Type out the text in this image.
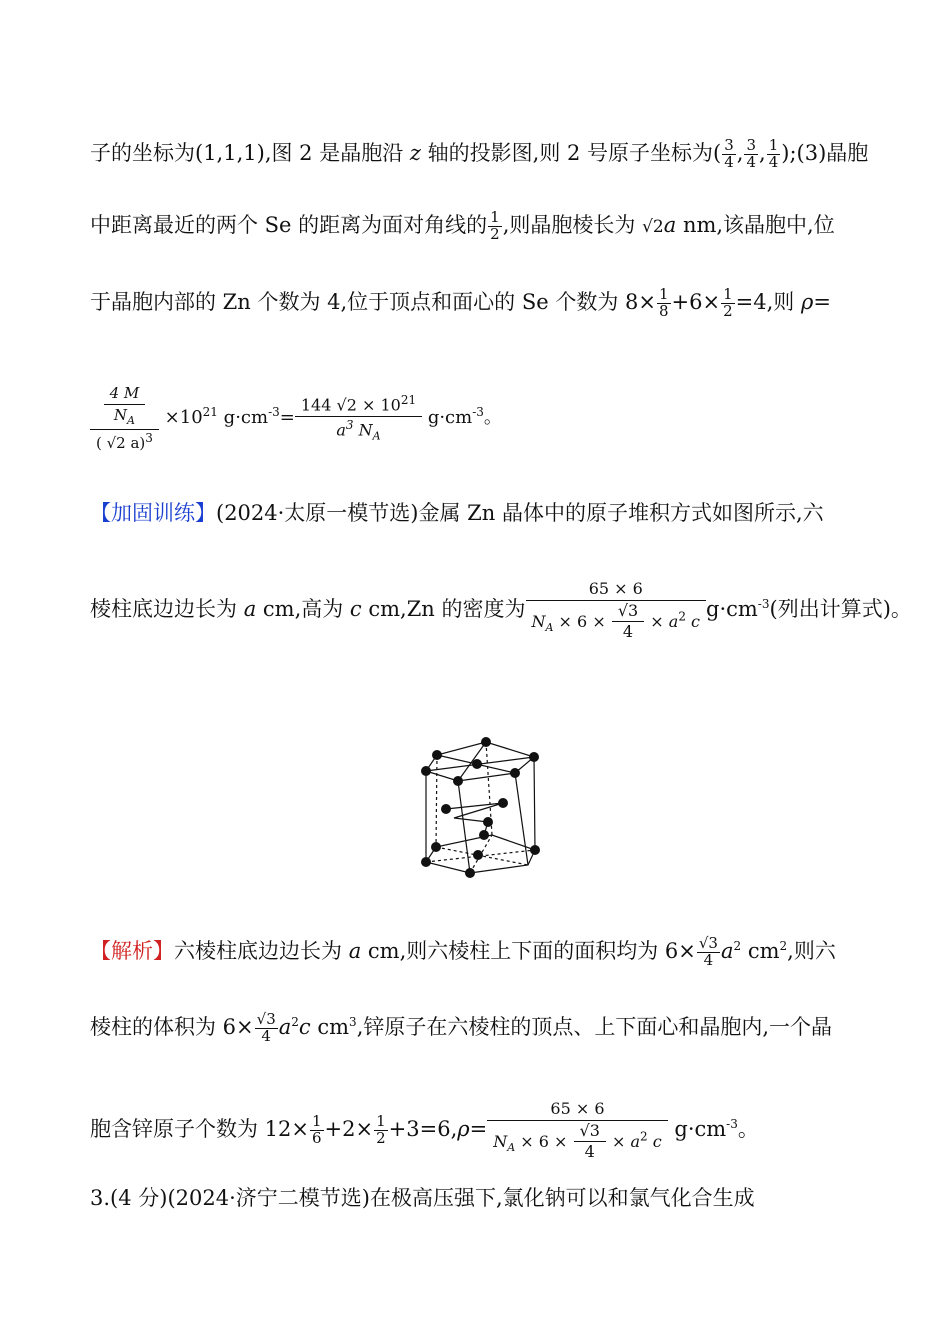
子的坐标为(1,1,1),图 2 是晶胞沿 z 轴的投影图,则 2 号原子坐标为( $\frac{3}{4}$ , $\frac{3}{4}$ , $\frac{1}{4}$ );(3)晶胞
中距离最近的两个 Se 的距离为面对角线的 $\frac{1}{2}$ ,则晶胞棱长为 √2a nm,该晶胞中,位
于晶胞内部的 Zn 个数为 4,位于顶点和面心的 Se 个数为 $8\times \frac{1}{8} +6\times \frac{1}{2} =4$,则 ρ=
$\frac{\frac{4 M}{N_A}}{( √2 a)^3} \times 10^{21}$ $g\cdot cm^{-3}= \frac{144 √2 \times 10^{21}}{a^3 N_A} g\cdot cm^{-3}$。
【加固训练】(2024·太原一模节选)金属 Zn 晶体中的原子堆积方式如图所示,六
棱柱底边边长为 a cm,高为 c cm,Zn 的密度为 $\frac{65 \times 6}{N_A \times 6 \times \frac{√3}{4} \times a^2 c} g\cdot cm^{-3}$(列出计算式)。
【解析】六棱柱底边边长为 a cm,则六棱柱上下面的面积均为 $6\times \frac{√3}{4} a^2$ $cm^2$,则六
棱柱的体积为 $6\times \frac{√3}{4} a^2c$ $cm^3$,锌原子在六棱柱的顶点、上下面心和晶胞内,一个晶
胞含锌原子个数为 $12\times \frac{1}{6} +2\times \frac{1}{2} +3=6,\rho= \frac{65 \times 6}{N_A \times 6 \times \frac{√3}{4} \times a^2 c} g\cdot cm^{-3}$。
3.(4 分)(2024·济宁二模节选)在极高压强下,氯化钠可以和氯气化合生成
